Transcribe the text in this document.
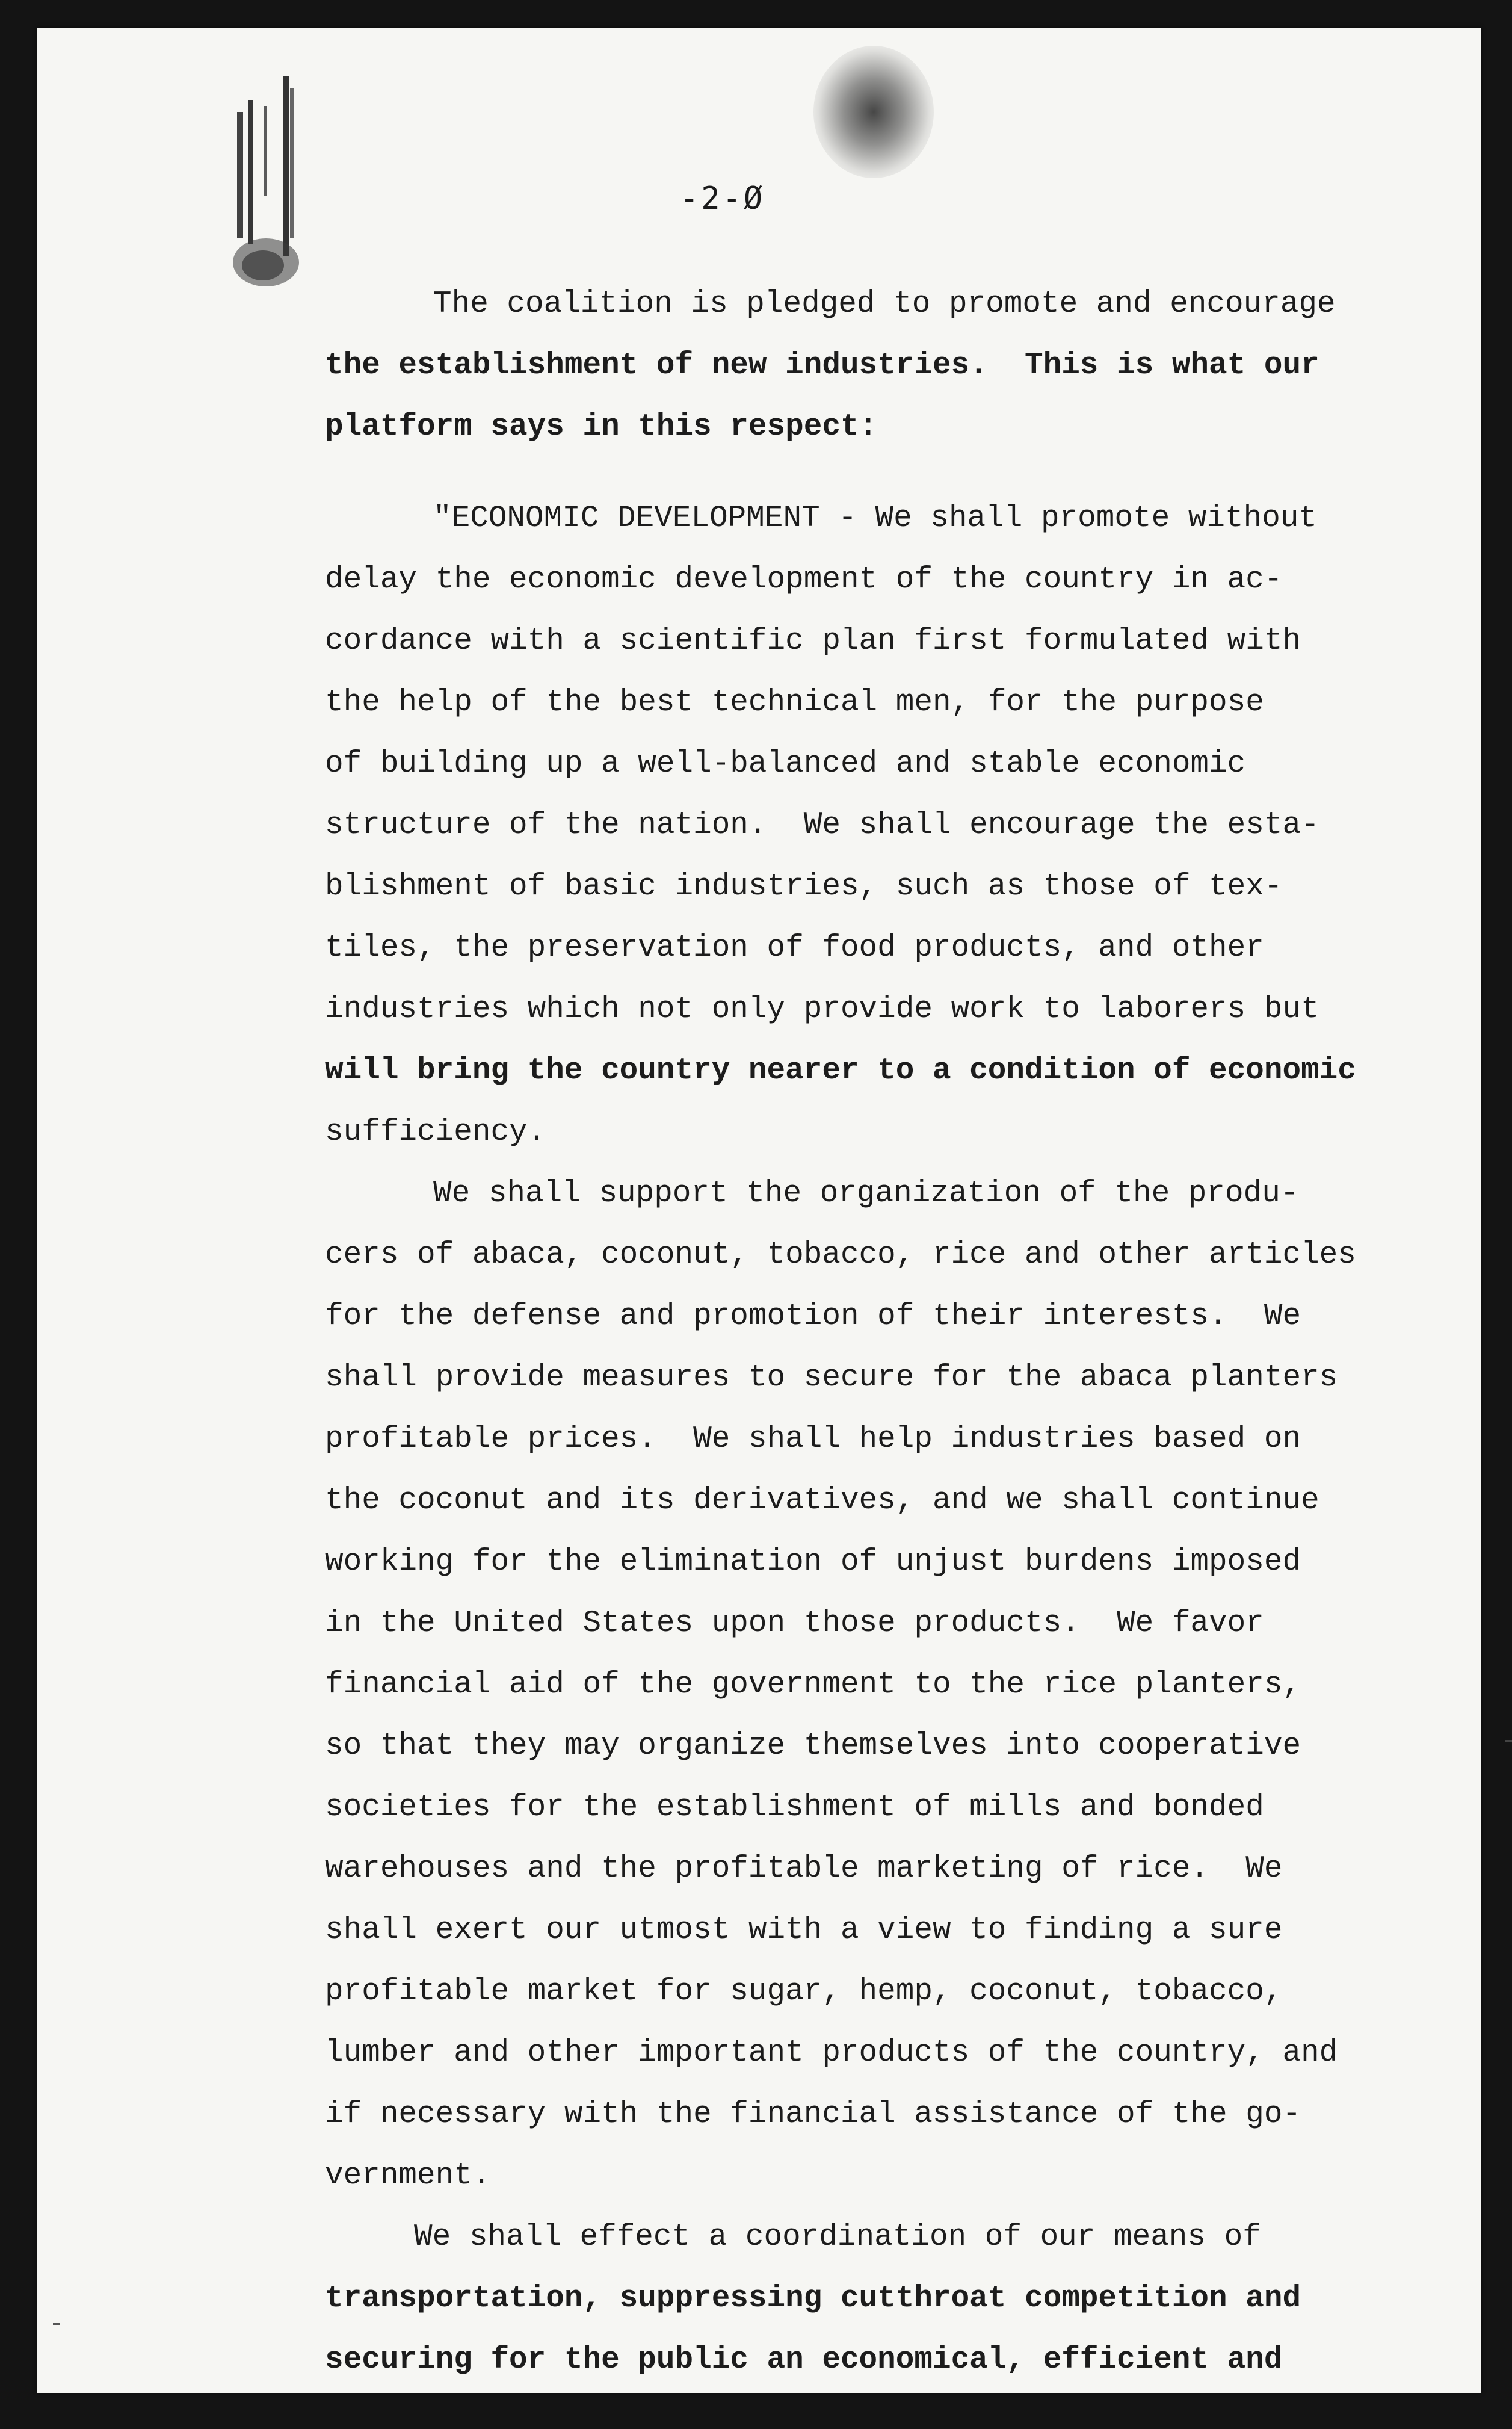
-2-Ø

The coalition is pledged to promote and encourage
the establishment of new industries.  This is what our
platform says in this respect:
"ECONOMIC DEVELOPMENT - We shall promote without
delay the economic development of the country in ac-
cordance with a scientific plan first formulated with
the help of the best technical men, for the purpose
of building up a well-balanced and stable economic
structure of the nation.  We shall encourage the esta-
blishment of basic industries, such as those of tex-
tiles, the preservation of food products, and other
industries which not only provide work to laborers but
will bring the country nearer to a condition of economic
sufficiency.
We shall support the organization of the produ-
cers of abaca, coconut, tobacco, rice and other articles
for the defense and promotion of their interests.  We
shall provide measures to secure for the abaca planters
profitable prices.  We shall help industries based on
the coconut and its derivatives, and we shall continue
working for the elimination of unjust burdens imposed
in the United States upon those products.  We favor
financial aid of the government to the rice planters,
so that they may organize themselves into cooperative
societies for the establishment of mills and bonded
warehouses and the profitable marketing of rice.  We
shall exert our utmost with a view to finding a sure
profitable market for sugar, hemp, coconut, tobacco,
lumber and other important products of the country, and
if necessary with the financial assistance of the go-
vernment.
We shall effect a coordination of our means of
transportation, suppressing cutthroat competition and
securing for the public an economical, efficient and
